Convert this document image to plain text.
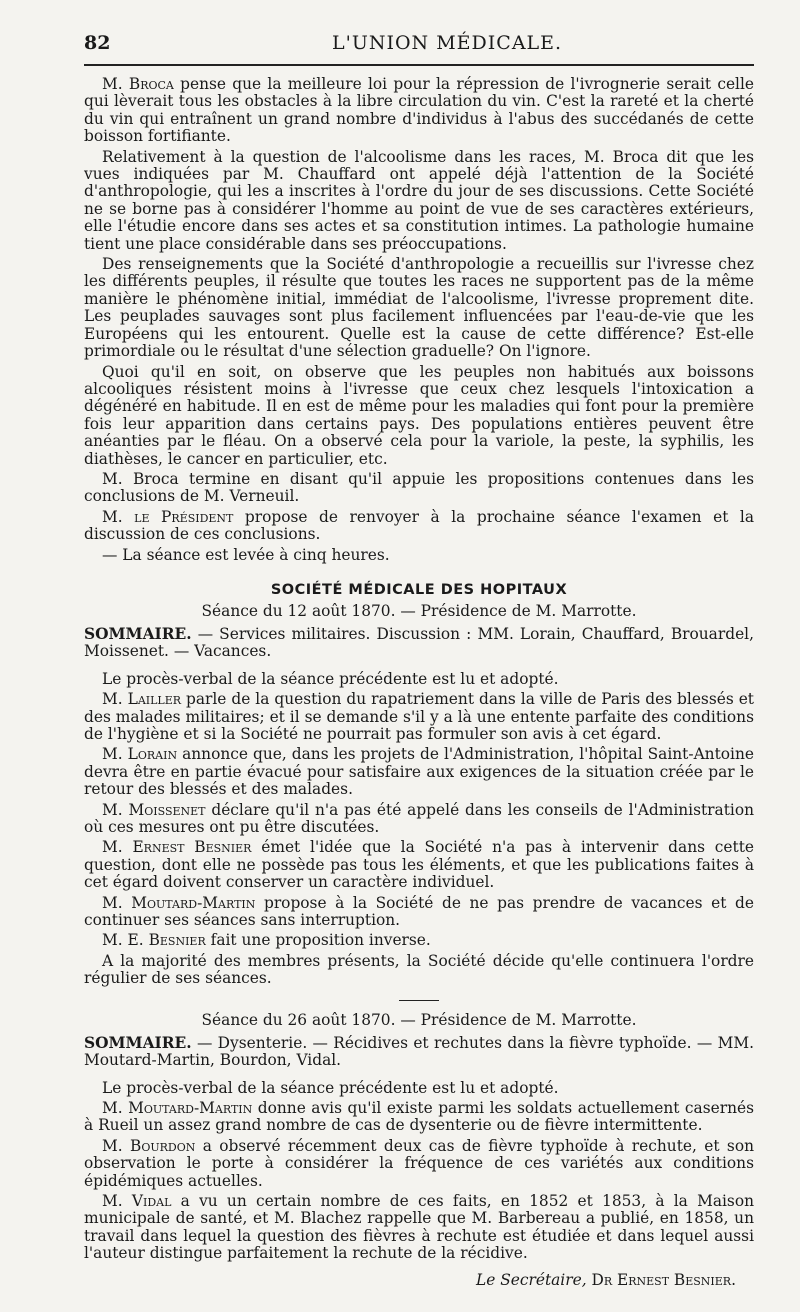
82	L'UNION MÉDICALE.

M. Broca pense que la meilleure loi pour la répression de l'ivrognerie serait celle qui lèverait tous les obstacles à la libre circulation du vin. C'est la rareté et la cherté du vin qui entraînent un grand nombre d'individus à l'abus des succédanés de cette boisson fortifiante.

Relativement à la question de l'alcoolisme dans les races, M. Broca dit que les vues indiquées par M. Chauffard ont appelé déjà l'attention de la Société d'anthropologie, qui les a inscrites à l'ordre du jour de ses discussions. Cette Société ne se borne pas à considérer l'homme au point de vue de ses caractères extérieurs, elle l'étudie encore dans ses actes et sa constitution intimes. La pathologie humaine tient une place considérable dans ses préoccupations.

Des renseignements que la Société d'anthropologie a recueillis sur l'ivresse chez les différents peuples, il résulte que toutes les races ne supportent pas de la même manière le phénomène initial, immédiat de l'alcoolisme, l'ivresse proprement dite. Les peuplades sauvages sont plus facilement influencées par l'eau-de-vie que les Européens qui les entourent. Quelle est la cause de cette différence? Est-elle primordiale ou le résultat d'une sélection graduelle? On l'ignore.

Quoi qu'il en soit, on observe que les peuples non habitués aux boissons alcooliques résistent moins à l'ivresse que ceux chez lesquels l'intoxication a dégénéré en habitude. Il en est de même pour les maladies qui font pour la première fois leur apparition dans certains pays. Des populations entières peuvent être anéanties par le fléau. On a observé cela pour la variole, la peste, la syphilis, les diathèses, le cancer en particulier, etc.

M. Broca termine en disant qu'il appuie les propositions contenues dans les conclusions de M. Verneuil.

M. le Président propose de renvoyer à la prochaine séance l'examen et la discussion de ces conclusions.

— La séance est levée à cinq heures.

SOCIÉTÉ MÉDICALE DES HOPITAUX
Séance du 12 août 1870. — Présidence de M. Marrotte.
SOMMAIRE. — Services militaires. Discussion : MM. Lorain, Chauffard, Brouardel, Moissenet. — Vacances.

Le procès-verbal de la séance précédente est lu et adopté.

M. Lailler parle de la question du rapatriement dans la ville de Paris des blessés et des malades militaires; et il se demande s'il y a là une entente parfaite des conditions de l'hygiène et si la Société ne pourrait pas formuler son avis à cet égard.

M. Lorain annonce que, dans les projets de l'Administration, l'hôpital Saint-Antoine devra être en partie évacué pour satisfaire aux exigences de la situation créée par le retour des blessés et des malades.

M. Moissenet déclare qu'il n'a pas été appelé dans les conseils de l'Administration où ces mesures ont pu être discutées.

M. Ernest Besnier émet l'idée que la Société n'a pas à intervenir dans cette question, dont elle ne possède pas tous les éléments, et que les publications faites à cet égard doivent conserver un caractère individuel.

M. Moutard-Martin propose à la Société de ne pas prendre de vacances et de continuer ses séances sans interruption.

M. E. Besnier fait une proposition inverse.

A la majorité des membres présents, la Société décide qu'elle continuera l'ordre régulier de ses séances.

Séance du 26 août 1870. — Présidence de M. Marrotte.
SOMMAIRE. — Dysenterie. — Récidives et rechutes dans la fièvre typhoïde. — MM. Moutard-Martin, Bourdon, Vidal.

Le procès-verbal de la séance précédente est lu et adopté.

M. Moutard-Martin donne avis qu'il existe parmi les soldats actuellement casernés à Rueil un assez grand nombre de cas de dysenterie ou de fièvre intermittente.

M. Bourdon a observé récemment deux cas de fièvre typhoïde à rechute, et son observation le porte à considérer la fréquence de ces variétés aux conditions épidémiques actuelles.

M. Vidal a vu un certain nombre de ces faits, en 1852 et 1853, à la Maison municipale de santé, et M. Blachez rappelle que M. Barbereau a publié, en 1858, un travail dans lequel la question des fièvres à rechute est étudiée et dans lequel aussi l'auteur distingue parfaitement la rechute de la récidive.

Le Secrétaire, Dr Ernest Besnier.
